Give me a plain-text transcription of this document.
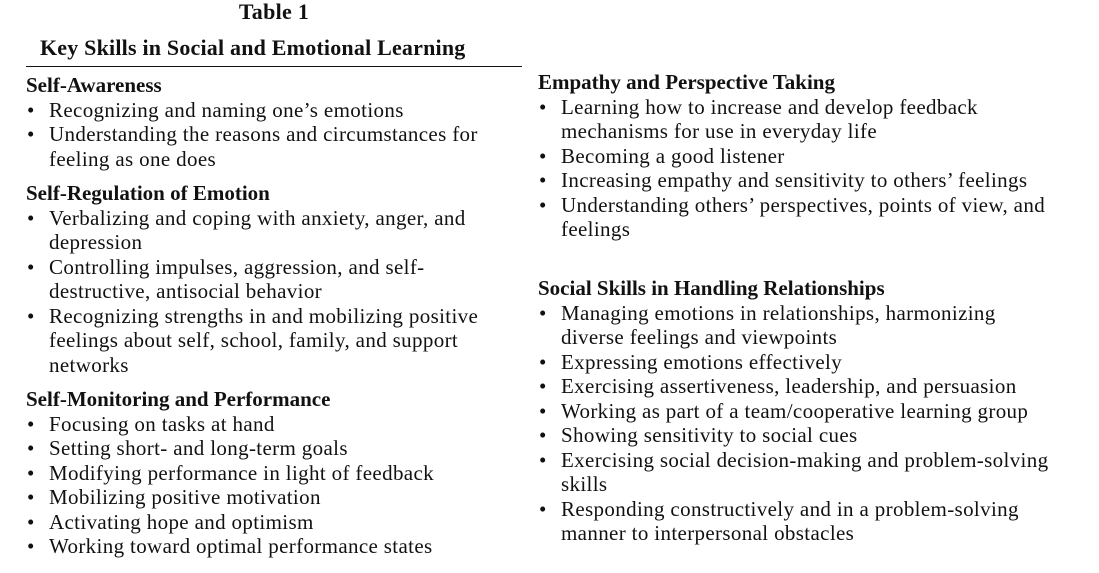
Table 1
Key Skills in Social and Emotional Learning
Self-Awareness
• Recognizing and naming one’s emotions
• Understanding the reasons and circumstances for feeling as one does
Self-Regulation of Emotion
• Verbalizing and coping with anxiety, anger, and depression
• Controlling impulses, aggression, and self-destructive, antisocial behavior
• Recognizing strengths in and mobilizing positive feelings about self, school, family, and support networks
Self-Monitoring and Performance
• Focusing on tasks at hand
• Setting short- and long-term goals
• Modifying performance in light of feedback
• Mobilizing positive motivation
• Activating hope and optimism
• Working toward optimal performance states
Empathy and Perspective Taking
• Learning how to increase and develop feedback mechanisms for use in everyday life
• Becoming a good listener
• Increasing empathy and sensitivity to others’ feelings
• Understanding others’ perspectives, points of view, and feelings
Social Skills in Handling Relationships
• Managing emotions in relationships, harmonizing diverse feelings and viewpoints
• Expressing emotions effectively
• Exercising assertiveness, leadership, and persuasion
• Working as part of a team/cooperative learning group
• Showing sensitivity to social cues
• Exercising social decision-making and problem-solving skills
• Responding constructively and in a problem-solving manner to interpersonal obstacles
